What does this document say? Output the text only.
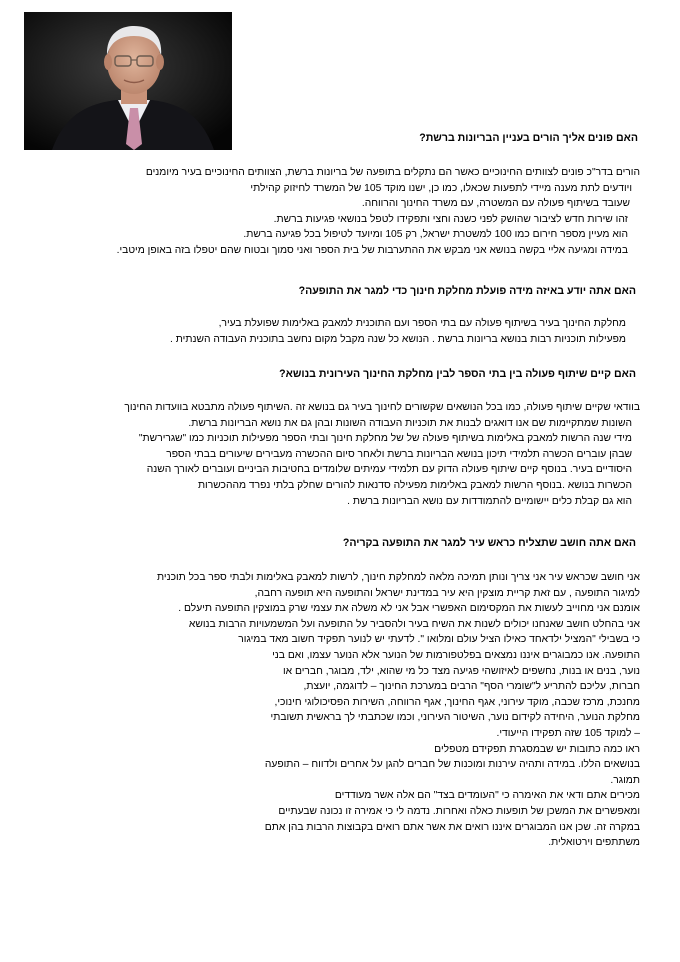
האם פונים אליך הורים בעניין הבריונות ברשת?
הורים בדר"כ פונים לצוותים החינוכיים כאשר הם נתקלים בתופעה של בריונות ברשת, הצוותים החינוכיים בעיר מיומנים
ויודעים לתת מענה מיידי לתפעות שכאלו, כמו כן, ישנו מוקד 105 של המשרד לחיזוק קהילתי
שעובד בשיתוף פעולה עם המשטרה, עם משרד החינוך והרווחה.
זהו שירות חדש לציבור שהושק לפני כשנה וחצי ותפקידו לטפל בנושאי פגיעות ברשת.
הוא מעיין מספר חירום כמו 100 למשטרת ישראל, רק 105 ומיועד לטיפול בכל פגיעה ברשת.
במידה ומגיעה אליי בקשה בנושא אני מבקש את ההתערבות של בית הספר ואני סמוך ובטוח שהם יטפלו בזה באופן מיטבי.
האם אתה יודע באיזה מידה פועלת מחלקת חינוך כדי למגר את התופעה?
מחלקת החינוך בעיר בשיתוף פעולה עם בתי הספר ועם התוכנית למאבק באלימות שפועלת בעיר,
מפעילות תוכניות רבות בנושא בריונות ברשת . הנושא כל שנה מקבל מקום נחשב בתוכנית העבודה השנתית .
האם קיים שיתוף פעולה בין בתי הספר לבין מחלקת החינוך העירונית בנושא?
בוודאי שקיים שיתוף פעולה, כמו בכל הנושאים שקשורים לחינוך בעיר גם בנושא זה .השיתוף פעולה מתבטא בוועדות החינוך
השונות שמתקיימות שם אנו דואגים לבנות את תוכניות העבודה השונות ובהן גם את נושא הבריונות ברשת.
מידי שנה הרשות למאבק באלימות בשיתוף פעולה של של מחלקת חינוך ובתי הספר מפעילות תוכניות כמו "שגרירשת"
שבהן עוברים הכשרה תלמידי תיכון בנושא הבריונות ברשת ולאחר סיום ההכשרה מעבירים שיעורים בבתי הספר
היסודיים בעיר. בנוסף קיים שיתוף פעולה הדוק עם תלמידי עמיתים שלומדים בחטיבות הביניים ועוברים לאורך השנה
הכשרות בנושא .בנוסף הרשות למאבק באלימות מפעילה סדנאות להורים שחלק בלתי נפרד מההכשרות
הוא גם קבלת כלים יישומיים להתמודדות עם נושא הבריונות ברשת .
האם אתה חושב שתצליח כראש עיר למגר את התופעה בקריה?
אני חושב שכראש עיר אני צריך ונותן תמיכה מלאה למחלקת חינוך, לרשות למאבק באלימות ולבתי ספר בכל תוכנית
למיגור התופעה , עם זאת קריית מוצקין היא עיר במדינת ישראל והתופעה היא תופעה רחבה,
אומנם אני מחוייב לעשות את המקסימום האפשרי אבל אני לא משלה את עצמי שרק במוצקין התופעה תיעלם .
אני בהחלט חושב שאנחנו יכולים לשנות את השיח בעיר ולהסביר על התופעה ועל המשמעויות הרבות בנושא
כי בשבילי "המציל ילדאחד כאילו הציל עולם ומלואו ". לדעתי יש לנוער תפקיד חשוב מאד במיגור
התופעה. אנו כמבוגרים איננו נמצאים בפלטפורמות של הנוער אלא הנוער עצמו, ואם בני
נוער, בנים או בנות, נחשפים לאיזושהי פגיעה מצד כל מי שהוא, ילד, מבוגר, חברים או
חברות, עליכם להתריע ל"שומרי הסף" הרבים במערכת החינוך – לדוגמה, יועצת,
מחנכת, מרכז שכבה, מוקד עירוני, אגף החינוך, אגף הרווחה, השירות הפסיכולוגי חינוכי,
מחלקת הנוער, היחידה לקידום נוער, השיטור העירוני, וכמו שכתבתי לך בראשית תשובתי
– למוקד 105 שזה תפקידו הייעודי.
ראו כמה כתובות יש שבמסגרת תפקידם מטפלים
בנושאים הללו. במידה ותהיה עירנות ומוכנות של חברים להגן על אחרים ולדווח – התופעה
תמוגר.
מכירים אתם ודאי את האימרה כי "העומדים בצד" הם אלה אשר מעודדים
ומאפשרים את המשכן של תופעות כאלה ואחרות. נדמה לי כי אמירה זו נכונה שבעתיים
במקרה זה. שכן אנו המבוגרים איננו רואים את אשר אתם רואים בקבוצות הרבות בהן אתם
משתתפים וירטואלית.
